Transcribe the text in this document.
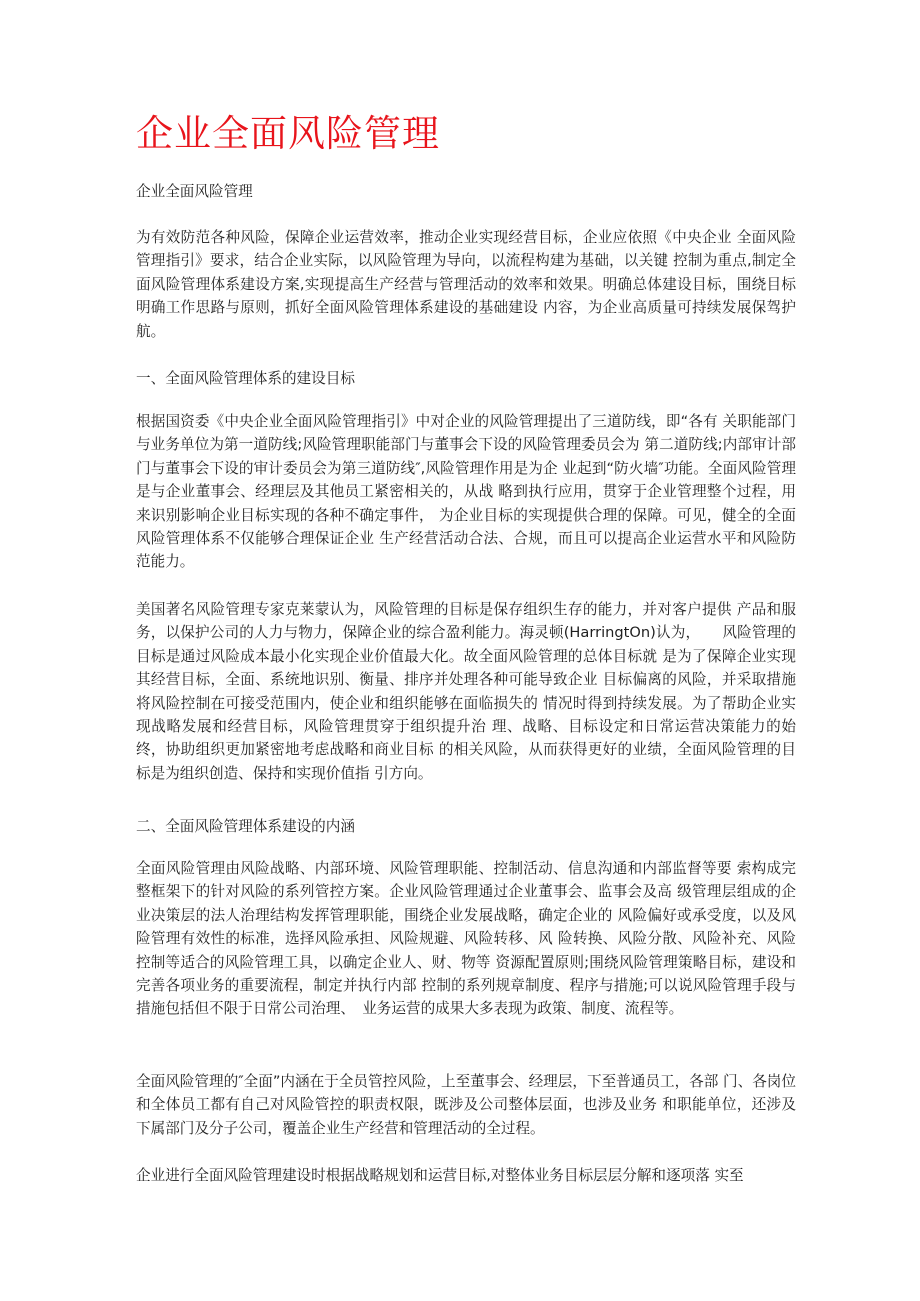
企业全面风险管理

企业全面风险管理

为有效防范各种风险，保障企业运营效率，推动企业实现经营目标，企业应依照《中央企业 全面风险管理指引》要求，结合企业实际，以风险管理为导向，以流程构建为基础，以关键 控制为重点,制定全面风险管理体系建设方案,实现提高生产经营与管理活动的效率和效果。明确总体建设目标，围绕目标明确工作思路与原则，抓好全面风险管理体系建设的基础建设 内容，为企业高质量可持续发展保驾护航。

一、全面风险管理体系的建设目标

根据国资委《中央企业全面风险管理指引》中对企业的风险管理提出了三道防线，即“各有 关职能部门与业务单位为第一道防线;风险管理职能部门与董事会下设的风险管理委员会为 第二道防线;内部审计部门与董事会下设的审计委员会为第三道防线″,风险管理作用是为企 业起到“防火墙″功能。全面风险管理是与企业董事会、经理层及其他员工紧密相关的，从战 略到执行应用，贯穿于企业管理整个过程，用来识别影响企业目标实现的各种不确定事件， 为企业目标的实现提供合理的保障。可见，健全的全面风险管理体系不仅能够合理保证企业 生产经营活动合法、合规，而且可以提高企业运营水平和风险防范能力。

美国著名风险管理专家克莱蒙认为，风险管理的目标是保存组织生存的能力，并对客户提供 产品和服务，以保护公司的人力与物力，保障企业的综合盈利能力。海灵顿(HarringtOn)认为，　　风险管理的目标是通过风险成本最小化实现企业价值最大化。故全面风险管理的总体目标就 是为了保障企业实现其经营目标，全面、系统地识别、衡量、排序并处理各种可能导致企业 目标偏离的风险，并采取措施将风险控制在可接受范围内，使企业和组织能够在面临损失的 情况时得到持续发展。为了帮助企业实现战略发展和经营目标，风险管理贯穿于组织提升治 理、战略、目标设定和日常运营决策能力的始终，协助组织更加紧密地考虑战略和商业目标 的相关风险，从而获得更好的业绩，全面风险管理的目标是为组织创造、保持和实现价值指 引方向。

二、全面风险管理体系建设的内涵

全面风险管理由风险战略、内部环境、风险管理职能、控制活动、信息沟通和内部监督等要 索构成完整框架下的针对风险的系列管控方案。企业风险管理通过企业董事会、监事会及高 级管理层组成的企业决策层的法人治理结构发挥管理职能，围绕企业发展战略，确定企业的 风险偏好或承受度，以及风险管理有效性的标准，选择风险承担、风险规避、风险转移、风 险转换、风险分散、风险补充、风险控制等适合的风险管理工具，以确定企业人、财、物等 资源配置原则;围绕风险管理策略目标，建设和完善各项业务的重要流程，制定并执行内部 控制的系列规章制度、程序与措施;可以说风险管理手段与措施包括但不限于日常公司治理、　业务运营的成果大多表现为政策、制度、流程等。

全面风险管理的″全面”内涵在于全员管控风险，上至董事会、经理层，下至普通员工，各部 门、各岗位和全体员工都有自己对风险管控的职责权限，既涉及公司整体层面，也涉及业务 和职能单位，还涉及下属部门及分子公司，覆盖企业生产经营和管理活动的全过程。

企业进行全面风险管理建设时根据战略规划和运营目标,对整体业务目标层层分解和逐项落 实至
